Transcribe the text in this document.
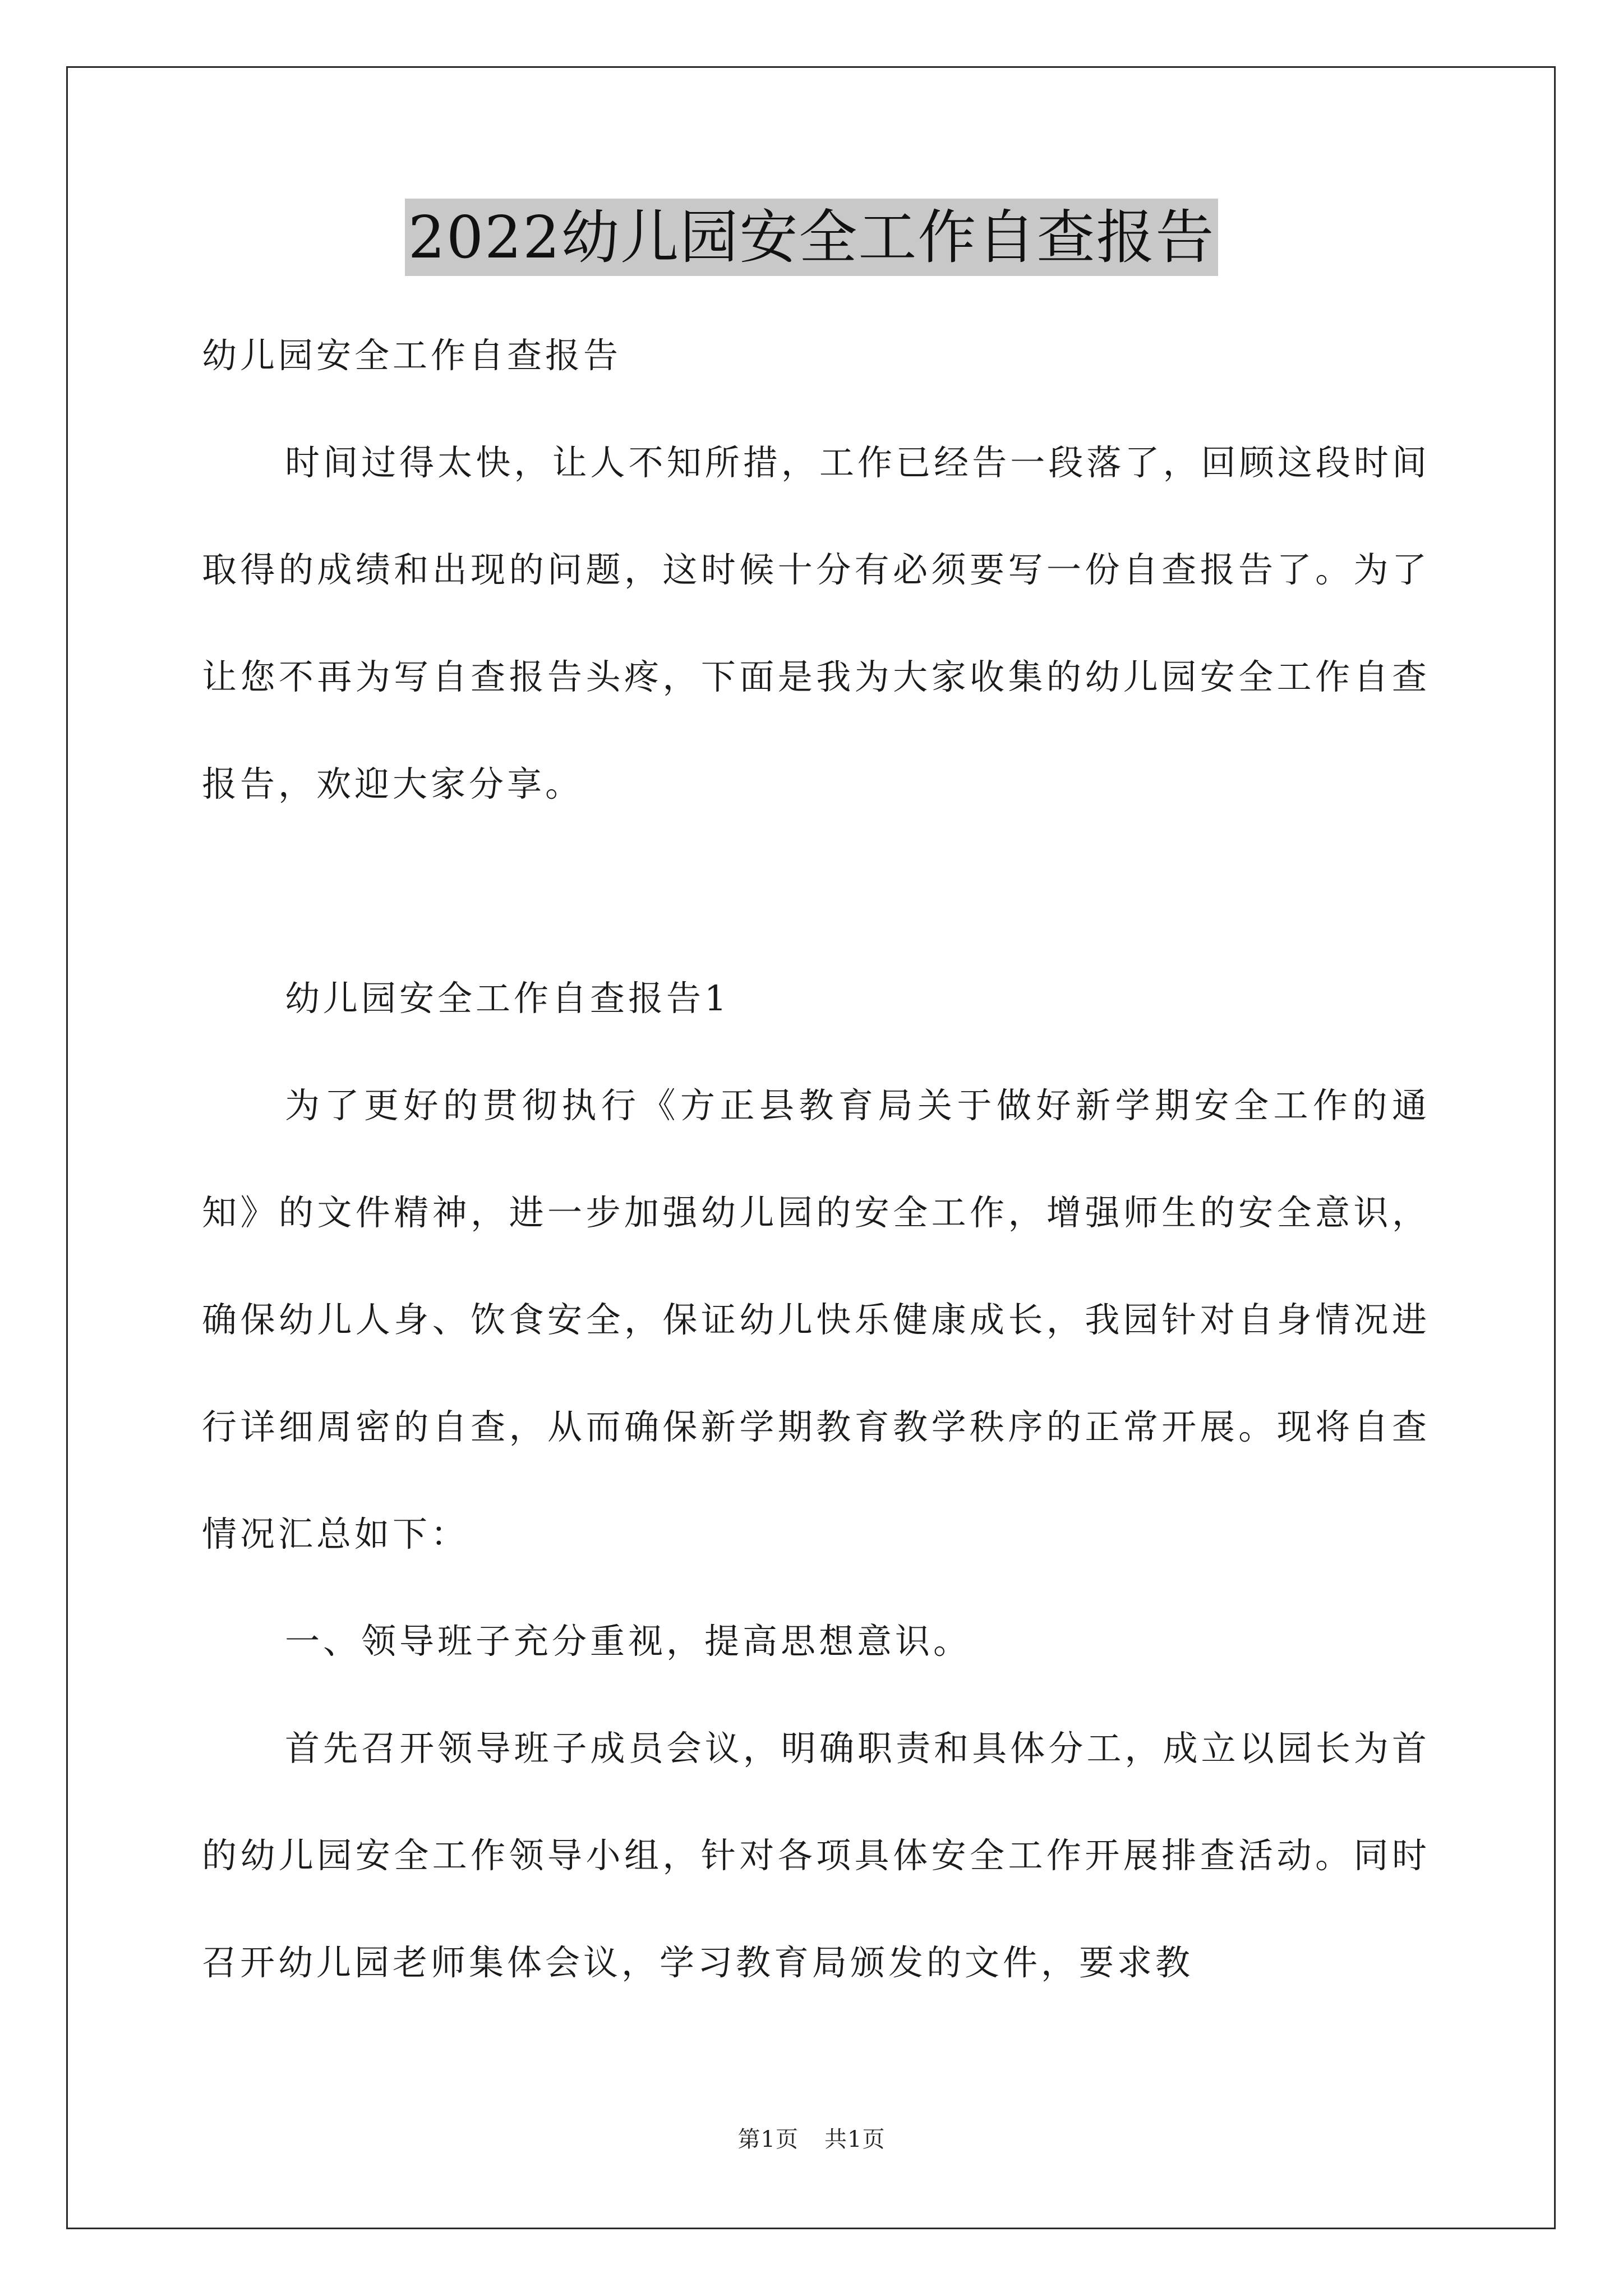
2022幼儿园安全工作自查报告

幼儿园安全工作自查报告

时间过得太快，让人不知所措，工作已经告一段落了，回顾这段时间取得的成绩和出现的问题，这时候十分有必须要写一份自查报告了。为了让您不再为写自查报告头疼，下面是我为大家收集的幼儿园安全工作自查报告，欢迎大家分享。

幼儿园安全工作自查报告1

为了更好的贯彻执行《方正县教育局关于做好新学期安全工作的通知》的文件精神，进一步加强幼儿园的安全工作，增强师生的安全意识，确保幼儿人身、饮食安全，保证幼儿快乐健康成长，我园针对自身情况进行详细周密的自查，从而确保新学期教育教学秩序的正常开展。现将自查情况汇总如下：

一、领导班子充分重视，提高思想意识。

首先召开领导班子成员会议，明确职责和具体分工，成立以园长为首的幼儿园安全工作领导小组，针对各项具体安全工作开展排查活动。同时召开幼儿园老师集体会议，学习教育局颁发的文件，要求教

第1页 共1页
